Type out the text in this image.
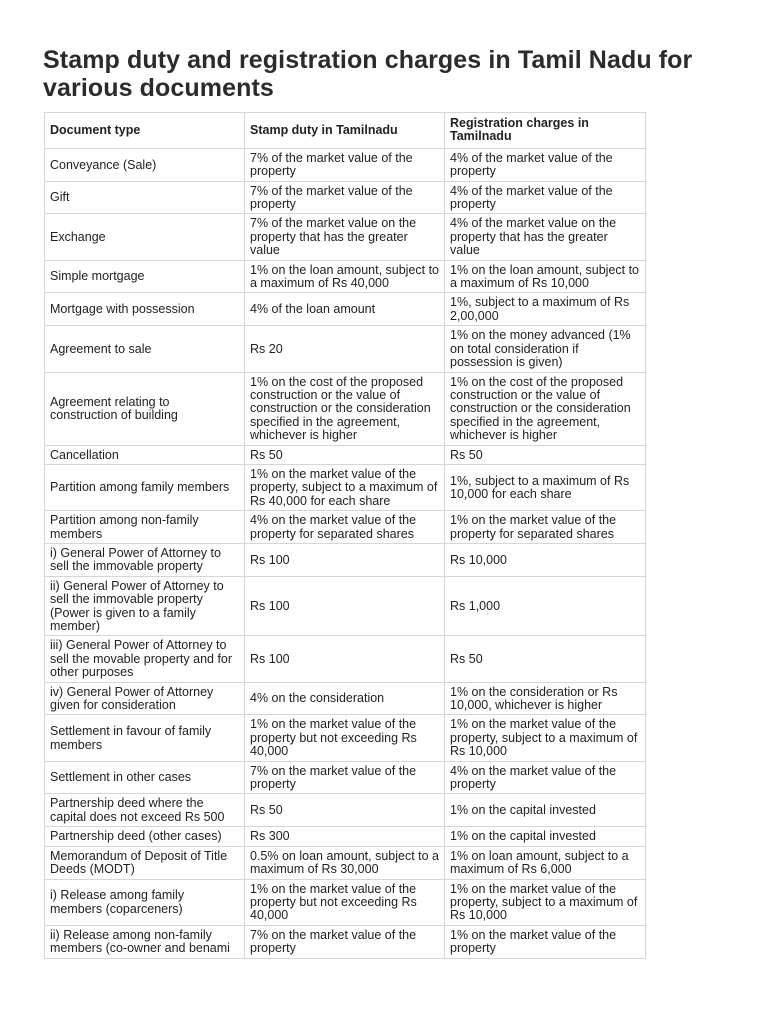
Stamp duty and registration charges in Tamil Nadu for various documents
Document type	Stamp duty in Tamilnadu	Registration charges in Tamilnadu
Conveyance (Sale)	7% of the market value of the property	4% of the market value of the property
Gift	7% of the market value of the property	4% of the market value of the property
Exchange	7% of the market value on the property that has the greater value	4% of the market value on the property that has the greater value
Simple mortgage	1% on the loan amount, subject to a maximum of Rs 40,000	1% on the loan amount, subject to a maximum of Rs 10,000
Mortgage with possession	4% of the loan amount	1%, subject to a maximum of Rs 2,00,000
Agreement to sale	Rs 20	1% on the money advanced (1% on total consideration if possession is given)
Agreement relating to construction of building	1% on the cost of the proposed construction or the value of construction or the consideration specified in the agreement, whichever is higher	1% on the cost of the proposed construction or the value of construction or the consideration specified in the agreement, whichever is higher
Cancellation	Rs 50	Rs 50
Partition among family members	1% on the market value of the property, subject to a maximum of Rs 40,000 for each share	1%, subject to a maximum of Rs 10,000 for each share
Partition among non-family members	4% on the market value of the property for separated shares	1% on the market value of the property for separated shares
i) General Power of Attorney to sell the immovable property	Rs 100	Rs 10,000
ii) General Power of Attorney to sell the immovable property (Power is given to a family member)	Rs 100	Rs 1,000
iii) General Power of Attorney to sell the movable property and for other purposes	Rs 100	Rs 50
iv) General Power of Attorney given for consideration	4% on the consideration	1% on the consideration or Rs 10,000, whichever is higher
Settlement in favour of family members	1% on the market value of the property but not exceeding Rs 40,000	1% on the market value of the property, subject to a maximum of Rs 10,000
Settlement in other cases	7% on the market value of the property	4% on the market value of the property
Partnership deed where the capital does not exceed Rs 500	Rs 50	1% on the capital invested
Partnership deed (other cases)	Rs 300	1% on the capital invested
Memorandum of Deposit of Title Deeds (MODT)	0.5% on loan amount, subject to a maximum of Rs 30,000	1% on loan amount, subject to a maximum of Rs 6,000
i) Release among family members (coparceners)	1% on the market value of the property but not exceeding Rs 40,000	1% on the market value of the property, subject to a maximum of Rs 10,000
ii) Release among non-family members (co-owner and benami	7% on the market value of the property	1% on the market value of the property
